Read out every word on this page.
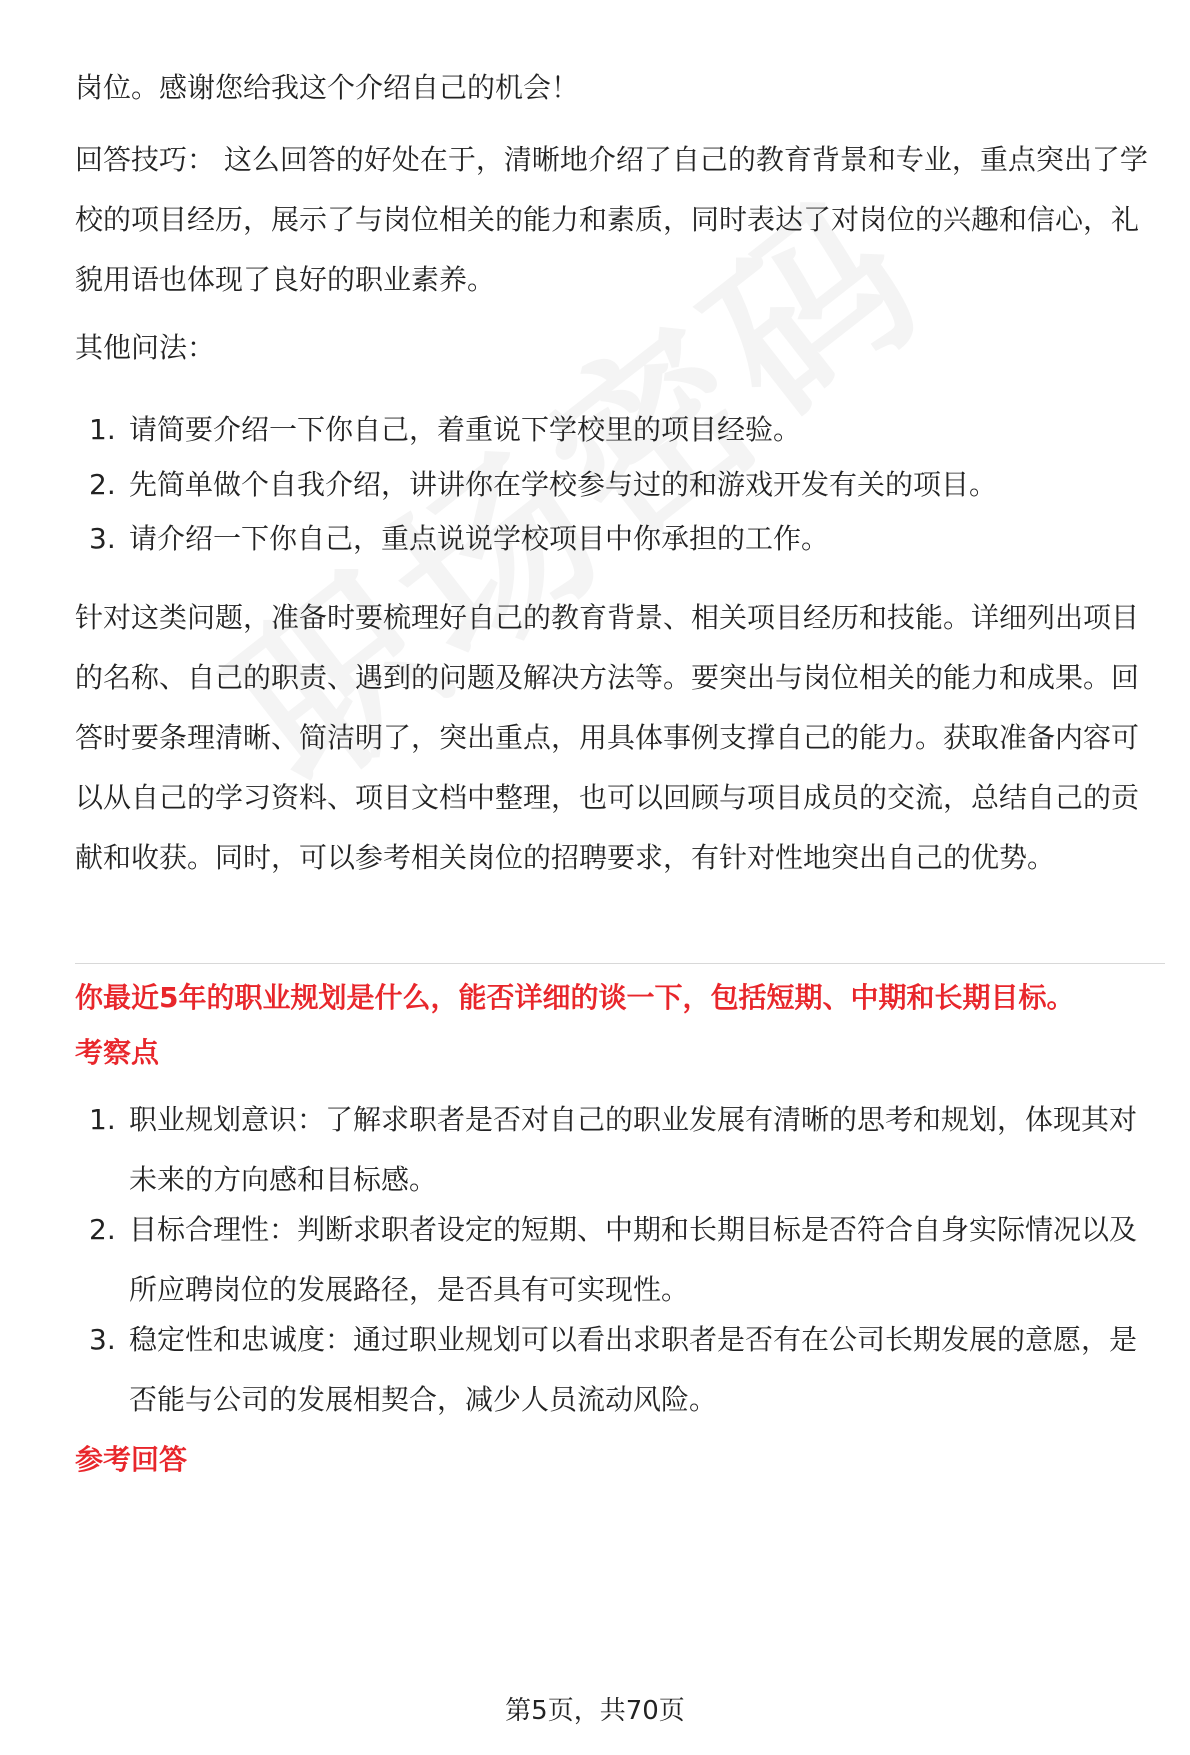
岗位。感谢您给我这个介绍自己的机会！

回答技巧： 这么回答的好处在于，清晰地介绍了自己的教育背景和专业，重点突出了学校的项目经历，展示了与岗位相关的能力和素质，同时表达了对岗位的兴趣和信心，礼貌用语也体现了良好的职业素养。

其他问法：

1. 请简要介绍一下你自己，着重说下学校里的项目经验。
2. 先简单做个自我介绍，讲讲你在学校参与过的和游戏开发有关的项目。
3. 请介绍一下你自己，重点说说学校项目中你承担的工作。

针对这类问题，准备时要梳理好自己的教育背景、相关项目经历和技能。详细列出项目的名称、自己的职责、遇到的问题及解决方法等。要突出与岗位相关的能力和成果。回答时要条理清晰、简洁明了，突出重点，用具体事例支撑自己的能力。获取准备内容可以从自己的学习资料、项目文档中整理，也可以回顾与项目成员的交流，总结自己的贡献和收获。同时，可以参考相关岗位的招聘要求，有针对性地突出自己的优势。

你最近5年的职业规划是什么，能否详细的谈一下，包括短期、中期和长期目标。
考察点
1. 职业规划意识：了解求职者是否对自己的职业发展有清晰的思考和规划，体现其对未来的方向感和目标感。
2. 目标合理性：判断求职者设定的短期、中期和长期目标是否符合自身实际情况以及所应聘岗位的发展路径，是否具有可实现性。
3. 稳定性和忠诚度：通过职业规划可以看出求职者是否有在公司长期发展的意愿，是否能与公司的发展相契合，减少人员流动风险。
参考回答
第5页，共70页
